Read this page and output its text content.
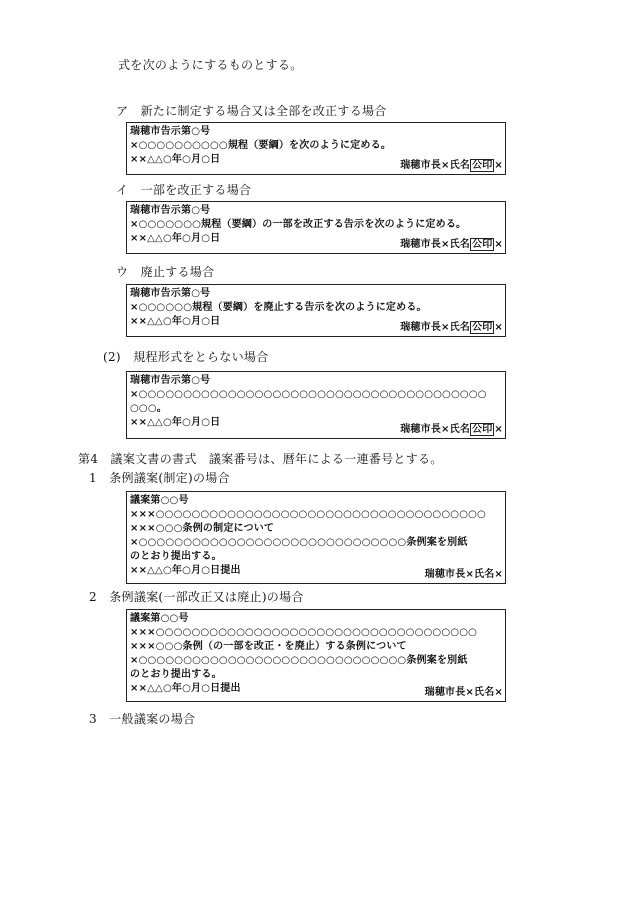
式を次のようにするものとする。
ア　新たに制定する場合又は全部を改正する場合
瑞穂市告示第○号
×○○○○○○○○○○規程（要綱）を次のように定める。
××△△○年○月○日
瑞穂市長×氏名 公印 ×
イ　一部を改正する場合
瑞穂市告示第○号
×○○○○○○○規程（要綱）の一部を改正する告示を次のように定める。
××△△○年○月○日
瑞穂市長×氏名 公印 ×
ウ　廃止する場合
瑞穂市告示第○号
×○○○○○○規程（要綱）を廃止する告示を次のように定める。
××△△○年○月○日
瑞穂市長×氏名 公印 ×
(2)　規程形式をとらない場合
瑞穂市告示第○号
×○○○○○○○○○○○○○○○○○○○○○○○○○○○○○○○○○○○○○○○
○○○。
××△△○年○月○日
瑞穂市長×氏名 公印 ×
第4　議案文書の書式　議案番号は、暦年による一連番号とする。
1　条例議案(制定)の場合
議案第○○号
×××○○○○○○○○○○○○○○○○○○○○○○○○○○○○○○○○○○○○○
×××○○○条例の制定について
×○○○○○○○○○○○○○○○○○○○○○○○○○○○○○○条例案を別紙
のとおり提出する。
××△△○年○月○日提出	瑞穂市長×氏名×
2　条例議案(一部改正又は廃止)の場合
議案第○○号
×××○○○○○○○○○○○○○○○○○○○○○○○○○○○○○○○○○○○○
×××○○○条例（の一部を改正・を廃止）する条例について
×○○○○○○○○○○○○○○○○○○○○○○○○○○○○○○条例案を別紙
のとおり提出する。
××△△○年○月○日提出	瑞穂市長×氏名×
3　一般議案の場合
